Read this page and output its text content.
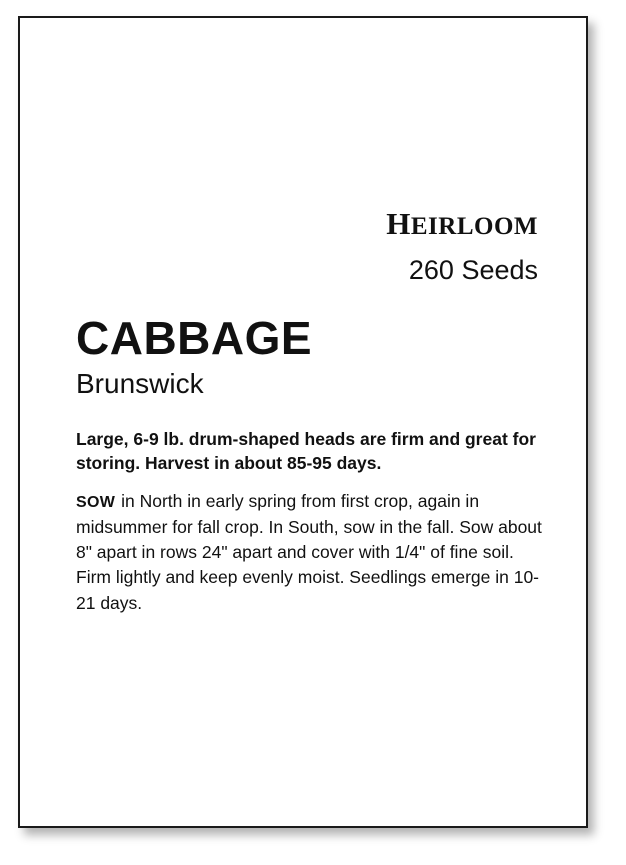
heirloom
260 Seeds
CABBAGE
Brunswick

Large, 6-9 lb. drum-shaped heads are firm and great for storing. Harvest in about 85-95 days.

SOW in North in early spring from first crop, again in midsummer for fall crop. In South, sow in the fall. Sow about 8" apart in rows 24" apart and cover with 1/4" of fine soil. Firm lightly and keep evenly moist. Seedlings emerge in 10-21 days.
